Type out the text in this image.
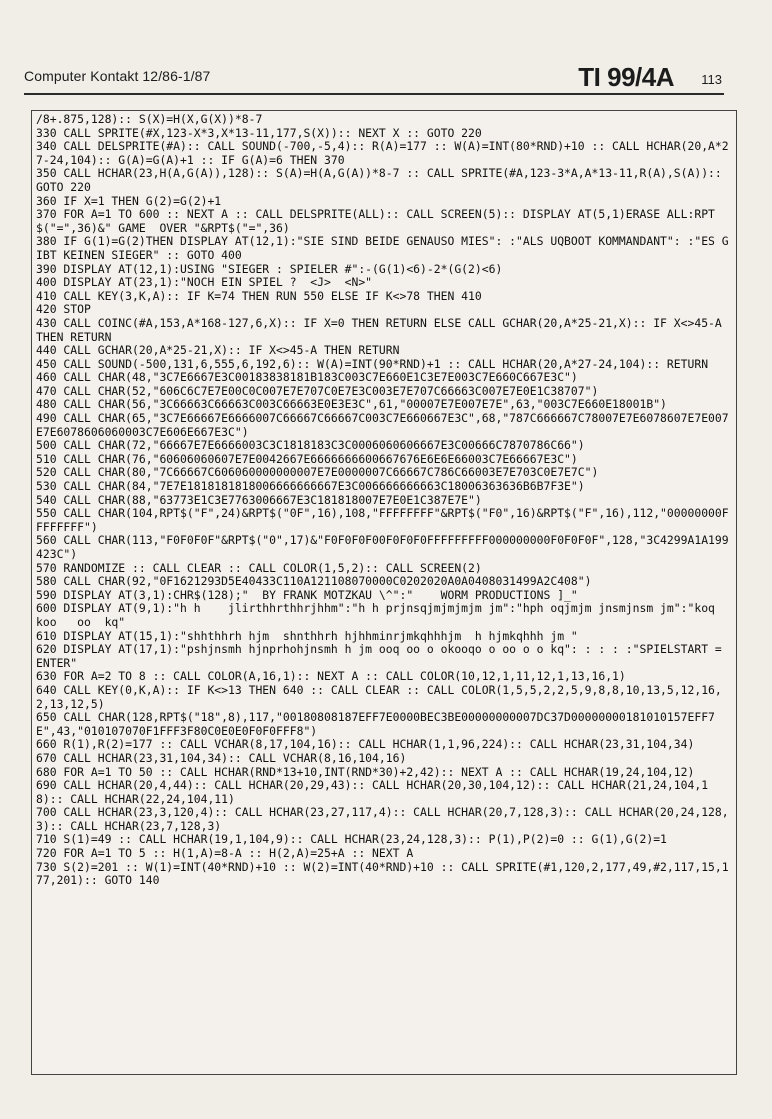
Computer Kontakt 12/86-1/87	TI 99/4A 113
/8+.875,128):: S(X)=H(X,G(X))*8-7
330 CALL SPRITE(#X,123-X*3,X*13-11,177,S(X)):: NEXT X :: GOTO 220
340 CALL DELSPRITE(#A):: CALL SOUND(-700,-5,4):: R(A)=177 :: W(A)=INT(80*RND)+10 :: CALL HCHAR(20,A*27-24,104):: G(A)=G(A)+1 :: IF G(A)=6 THEN 370
350 CALL HCHAR(23,H(A,G(A)),128):: S(A)=H(A,G(A))*8-7 :: CALL SPRITE(#A,123-3*A,A*13-11,R(A),S(A)):: GOTO 220
360 IF X=1 THEN G(2)=G(2)+1
370 FOR A=1 TO 600 :: NEXT A :: CALL DELSPRITE(ALL):: CALL SCREEN(5):: DISPLAY AT(5,1)ERASE ALL:RPT$("=",36)&" GAME  OVER "&RPT$("=",36)
380 IF G(1)=G(2)THEN DISPLAY AT(12,1):"SIE SIND BEIDE GENAUSO MIES": :"ALS UQBOOT KOMMANDANT": :"ES GIBT KEINEN SIEGER" :: GOTO 400
390 DISPLAY AT(12,1):USING "SIEGER : SPIELER #":-(G(1)<6)-2*(G(2)<6)
400 DISPLAY AT(23,1):"NOCH EIN SPIEL ?  <J>  <N>"
410 CALL KEY(3,K,A):: IF K=74 THEN RUN 550 ELSE IF K<>78 THEN 410
420 STOP
430 CALL COINC(#A,153,A*168-127,6,X):: IF X=0 THEN RETURN ELSE CALL GCHAR(20,A*25-21,X):: IF X<>45-A THEN RETURN
440 CALL GCHAR(20,A*25-21,X):: IF X<>45-A THEN RETURN
450 CALL SOUND(-500,131,6,555,6,192,6):: W(A)=INT(90*RND)+1 :: CALL HCHAR(20,A*27-24,104):: RETURN
460 CALL CHAR(48,"3C7E6667E3C00183838181B183C003C7E660E1C3E7E003C7E660C667E3C")
470 CALL CHAR(52,"606C6C7E7E00C0C007E7E707C0E7E3C003E7E707C66663C007E7E0E1C38707")
480 CALL CHAR(56,"3C66663C66663C003C66663E0E3E3C",61,"00007E7E007E7E",63,"003C7E660E18001B")
490 CALL CHAR(65,"3C7E66667E6666007C66667C66667C003C7E660667E3C",68,"787C666667C78007E7E6078607E7E007E7E6078606060003C7E606E667E3C")
500 CALL CHAR(72,"66667E7E6666003C3C1818183C3C0006060606667E3C00666C7870786C66")
510 CALL CHAR(76,"60606060607E7E0042667E6666666600667676E6E6E66003C7E66667E3C")
520 CALL CHAR(80,"7C66667C606060000000007E7E0000007C66667C786C66003E7E703C0E7E7C")
530 CALL CHAR(84,"7E7E1818181818006666666667E3C006666666663C18006363636B6B7F3E")
540 CALL CHAR(88,"63773E1C3E7763006667E3C181818007E7E0E1C387E7E")
550 CALL CHAR(104,RPT$("F",24)&RPT$("0F",16),108,"FFFFFFFF"&RPT$("F0",16)&RPT$("F",16),112,"00000000FFFFFFFF")
560 CALL CHAR(113,"F0F0F0F"&RPT$("0",17)&"F0F0F0F00F0F0F0FFFFFFFFF000000000F0F0F0F",128,"3C4299A1A199423C")
570 RANDOMIZE :: CALL CLEAR :: CALL COLOR(1,5,2):: CALL SCREEN(2)
580 CALL CHAR(92,"0F1621293D5E40433C110A121108070000C0202020A0A0408031499A2C408")
590 DISPLAY AT(3,1):CHR$(128);"  BY FRANK MOTZKAU \^":"    WORM PRODUCTIONS ]_"
600 DISPLAY AT(9,1):"h h    jlirthhrthhrjhhm":"h h prjnsqjmjmjmjm jm":"hph oqjmjm jnsmjnsm jm":"koq    koo   oo  kq"
610 DISPLAY AT(15,1):"shhthhrh hjm  shnthhrh hjhhminrjmkqhhhjm  h hjmkqhhh jm "
620 DISPLAY AT(17,1):"pshjnsmh hjnprhohjnsmh h jm ooq oo o okooqo o oo o o kq": : : : :"SPIELSTART = ENTER"
630 FOR A=2 TO 8 :: CALL COLOR(A,16,1):: NEXT A :: CALL COLOR(10,12,1,11,12,1,13,16,1)
640 CALL KEY(0,K,A):: IF K<>13 THEN 640 :: CALL CLEAR :: CALL COLOR(1,5,5,2,2,5,9,8,8,10,13,5,12,16,2,13,12,5)
650 CALL CHAR(128,RPT$("18",8),117,"00180808187EFF7E0000BEC3BE00000000007DC37D00000000181010157EFF7E",43,"010107070F1FFF3F80C0E0E0F0F0FFF8")
660 R(1),R(2)=177 :: CALL VCHAR(8,17,104,16):: CALL HCHAR(1,1,96,224):: CALL HCHAR(23,31,104,34)
670 CALL HCHAR(23,31,104,34):: CALL VCHAR(8,16,104,16)
680 FOR A=1 TO 50 :: CALL HCHAR(RND*13+10,INT(RND*30)+2,42):: NEXT A :: CALL HCHAR(19,24,104,12)
690 CALL HCHAR(20,4,44):: CALL HCHAR(20,29,43):: CALL HCHAR(20,30,104,12):: CALL HCHAR(21,24,104,18):: CALL HCHAR(22,24,104,11)
700 CALL HCHAR(23,3,120,4):: CALL HCHAR(23,27,117,4):: CALL HCHAR(20,7,128,3):: CALL HCHAR(20,24,128,3):: CALL HCHAR(23,7,128,3)
710 S(1)=49 :: CALL HCHAR(19,1,104,9):: CALL HCHAR(23,24,128,3):: P(1),P(2)=0 :: G(1),G(2)=1
720 FOR A=1 TO 5 :: H(1,A)=8-A :: H(2,A)=25+A :: NEXT A
730 S(2)=201 :: W(1)=INT(40*RND)+10 :: W(2)=INT(40*RND)+10 :: CALL SPRITE(#1,120,2,177,49,#2,117,15,177,201):: GOTO 140
